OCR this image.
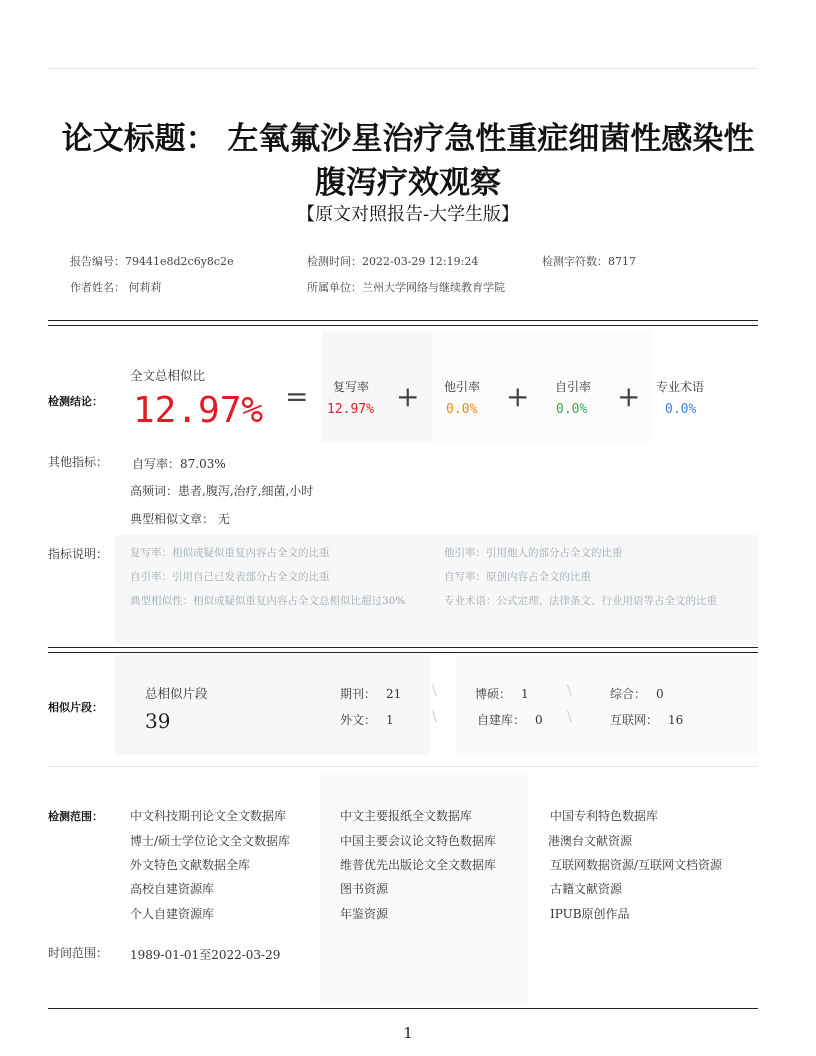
论文标题： 左氧氟沙星治疗急性重症细菌性感染性
腹泻疗效观察
【原文对照报告-大学生版】
报告编号：79441e8d2c6y8c2e	检测时间：2022-03-29 12:19:24	检测字符数：8717
作者姓名： 何莉莉	所属单位：兰州大学网络与继续教育学院
检测结论：
全文总相似比
12.97% = 复写率
12.97% + 他引率
0.0% + 自引率
0.0% + 专业术语
0.0%
其他指标： 自写率：87.03%
高频词：患者,腹泻,治疗,细菌,小时
典型相似文章： 无
指标说明： 复写率：相似或疑似重复内容占全文的比重	他引率：引用他人的部分占全文的比重
自引率：引用自己已发表部分占全文的比重	自写率：原创内容占全文的比重
典型相似性：相似或疑似重复内容占全文总相似比超过30%	专业术语：公式定理、法律条文、行业用语等占全文的比重
相似片段：
总相似片段
39
期刊： 21 \	博硕： 1	\	综合： 0
外文： 1	\	自建库： 0 \	互联网： 16
检测范围： 中文科技期刊论文全文数据库	中文主要报纸全文数据库	中国专利特色数据库
博士/硕士学位论文全文数据库	中国主要会议论文特色数据库	港澳台文献资源
外文特色文献数据全库	维普优先出版论文全文数据库	互联网数据资源/互联网文档资源
高校自建资源库	图书资源	古籍文献资源
个人自建资源库	年鉴资源	IPUB原创作品
时间范围： 1989-01-01至2022-03-29
1
